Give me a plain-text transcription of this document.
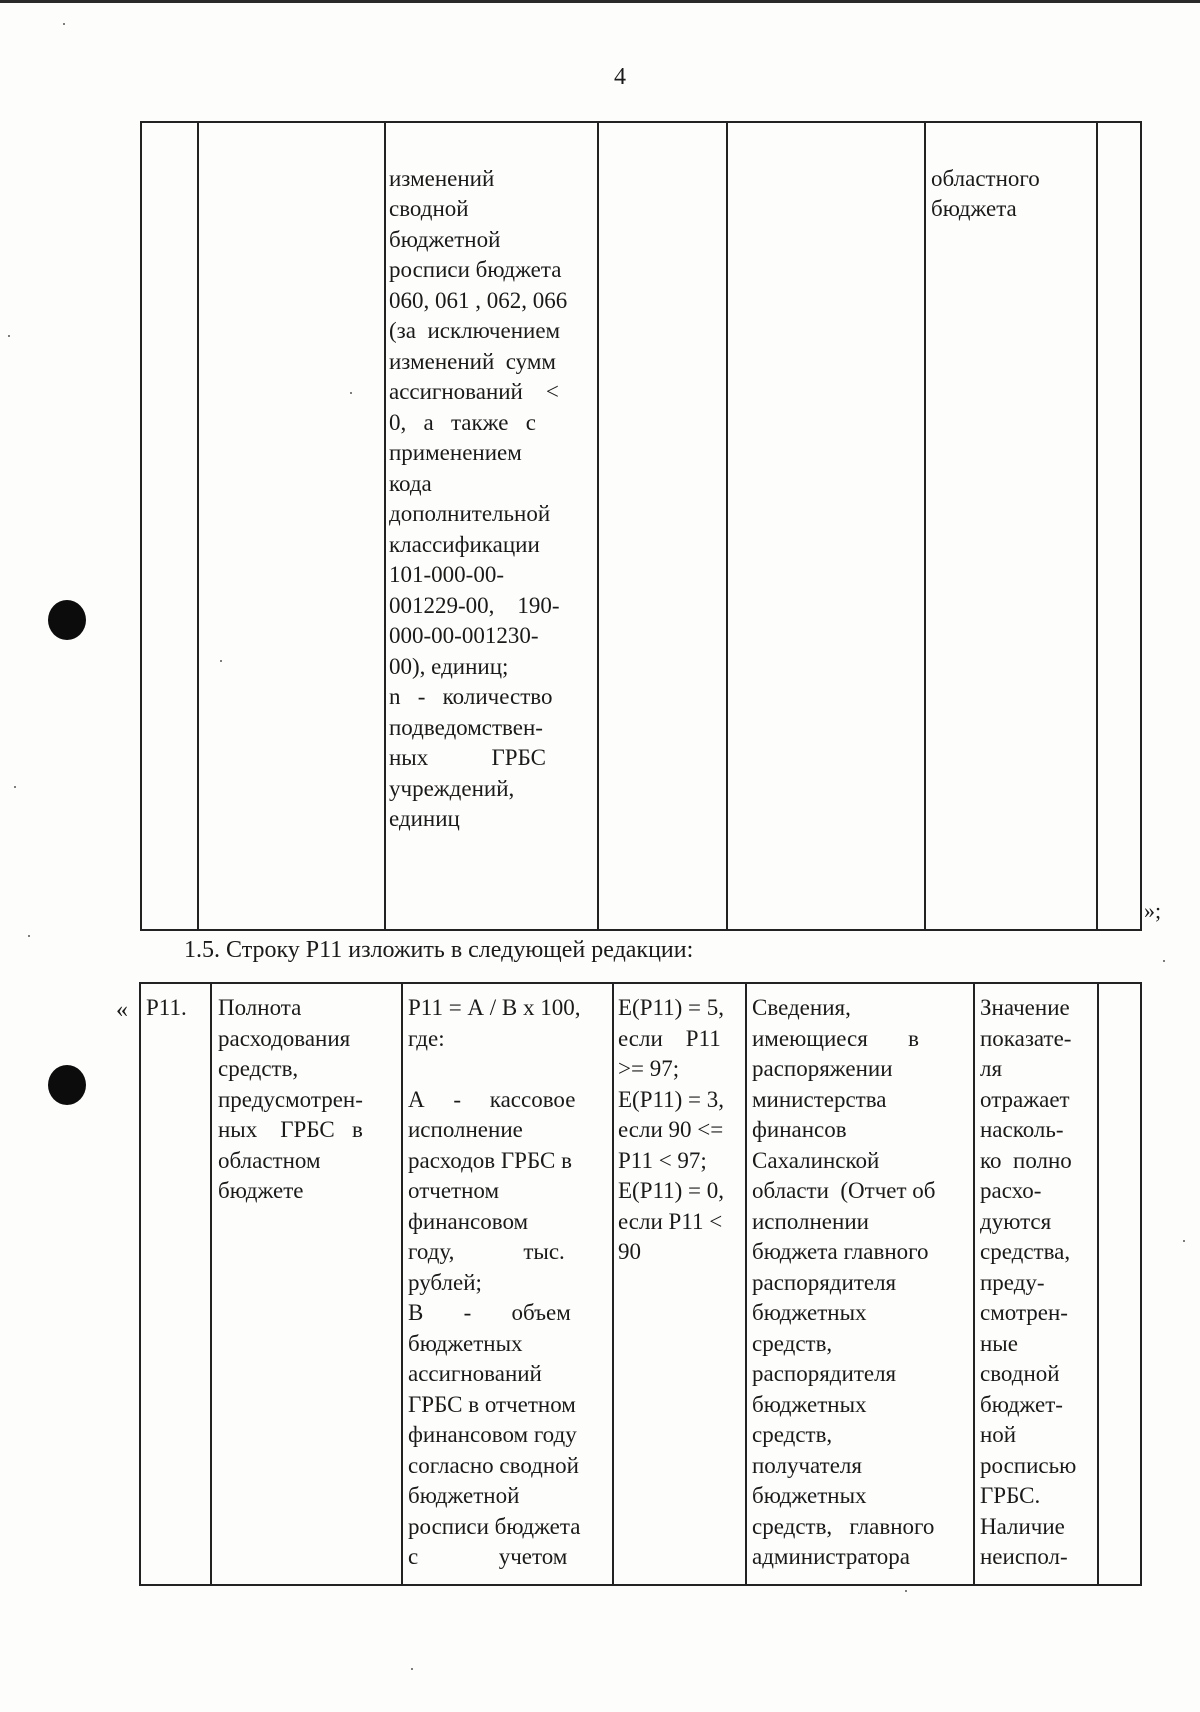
4

изменений
сводной
бюджетной
росписи бюджета
060, 061 , 062, 066
(за  исключением
изменений  сумм
ассигнований    <
0,   а   также   с
применением
кода
дополнительной
классификации
101-000-00-
001229-00,    190-
000-00-001230-
00), единиц;
n   -   количество
подведомствен-
ных           ГРБС
учреждений,
единиц

областного
бюджета

»;
1.5. Строку Р11 изложить в следующей редакции:
« Р11. Полнота
расходования
средств,
предусмотрен-
ных    ГРБС   в
областном
бюджете
Р11 = А / В х 100,
где:
А     -     кассовое
исполнение
расходов ГРБС в
отчетном
финансовом
году,            тыс.
рублей;
В       -       объем
бюджетных
ассигнований
ГРБС в отчетном
финансовом году
согласно сводной
бюджетной
росписи бюджета
с              учетом
E(P11) = 5,
если    Р11
>= 97;
E(P11) = 3,
если 90 <=
Р11 < 97;
E(P11) = 0,
если Р11 <
90
Сведения,
имеющиеся       в
распоряжении
министерства
финансов
Сахалинской
области  (Отчет об
исполнении
бюджета главного
распорядителя
бюджетных
средств,
распорядителя
бюджетных
средств,
получателя
бюджетных
средств,   главного
администратора
Значение
показате-
ля
отражает
насколь-
ко  полно
расхо-
дуются
средства,
преду-
смотрен-
ные
сводной
бюджет-
ной
росписью
ГРБС.
Наличие
неиспол-
